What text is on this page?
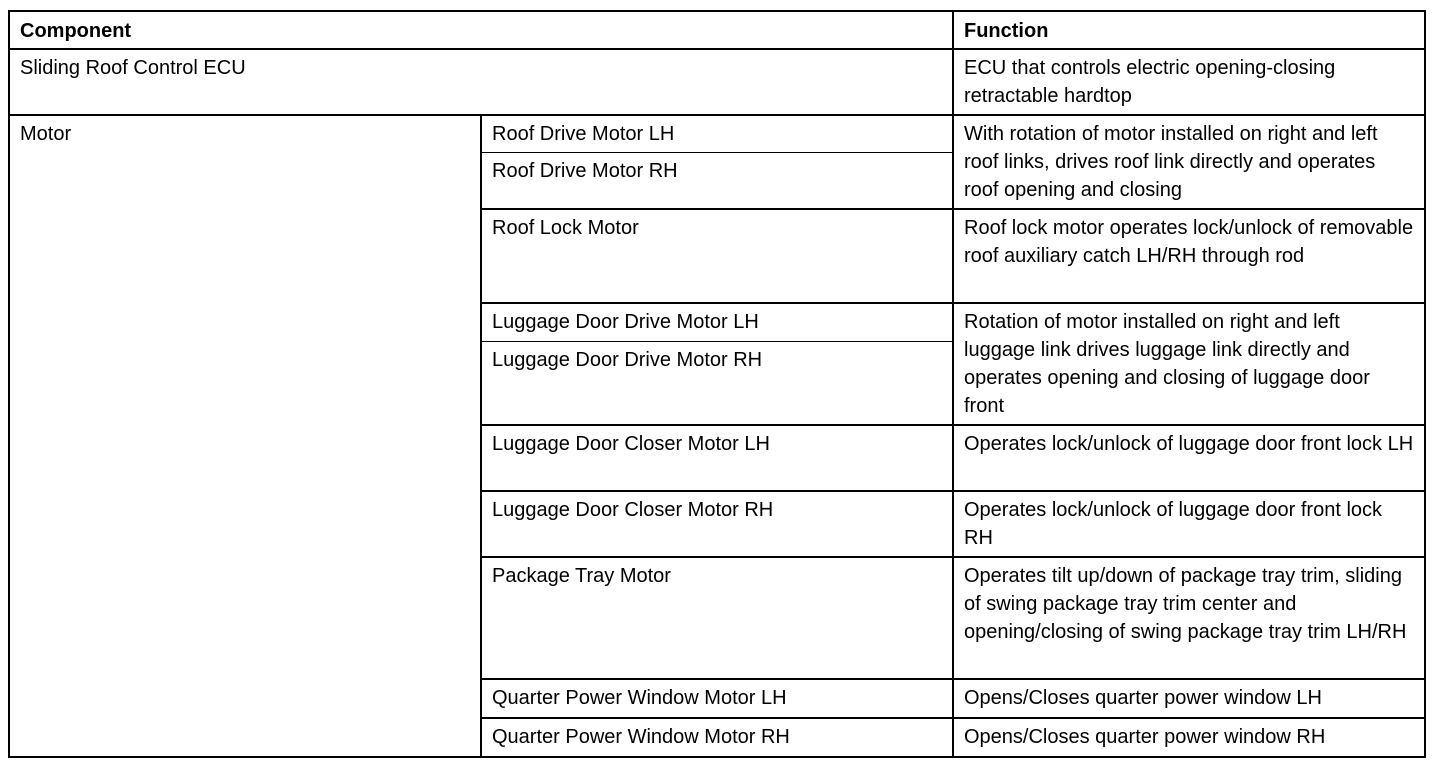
Component		Function
Sliding Roof Control ECU		ECU that controls electric opening-closing retractable hardtop
Motor	Roof Drive Motor LH	With rotation of motor installed on right and left roof links, drives roof link directly and operates roof opening and closing
	Roof Drive Motor RH	
	Roof Lock Motor	Roof lock motor operates lock/unlock of removable roof auxiliary catch LH/RH through rod
	Luggage Door Drive Motor LH	Rotation of motor installed on right and left luggage link drives luggage link directly and operates opening and closing of luggage door front
	Luggage Door Drive Motor RH	
	Luggage Door Closer Motor LH	Operates lock/unlock of luggage door front lock LH
	Luggage Door Closer Motor RH	Operates lock/unlock of luggage door front lock RH
	Package Tray Motor	Operates tilt up/down of package tray trim, sliding of swing package tray trim center and opening/closing of swing package tray trim LH/RH
	Quarter Power Window Motor LH	Opens/Closes quarter power window LH
	Quarter Power Window Motor RH	Opens/Closes quarter power window RH
